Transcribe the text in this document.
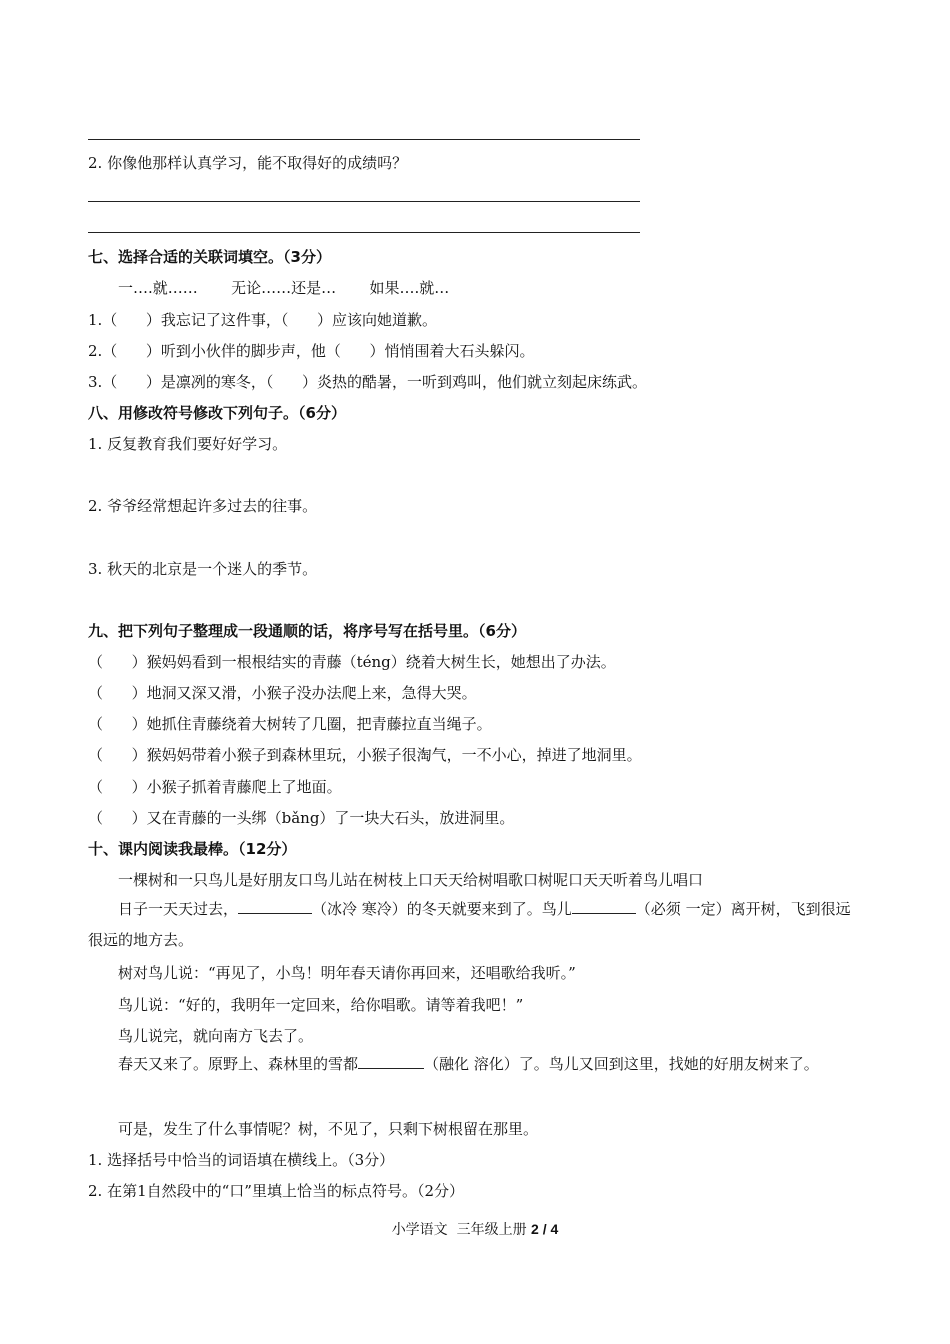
2. 你像他那样认真学习，能不取得好的成绩吗？
七、选择合适的关联词填空。（3分）
一….就……       无论……还是…       如果….就…
1.（      ）我忘记了这件事，（      ）应该向她道歉。
2.（      ）听到小伙伴的脚步声，他（      ）悄悄围着大石头躲闪。
3.（      ）是凛冽的寒冬，（      ）炎热的酷暑，一听到鸡叫，他们就立刻起床练武。
八、用修改符号修改下列句子。（6分）
1. 反复教育我们要好好学习。
2. 爷爷经常想起许多过去的往事。
3. 秋天的北京是一个迷人的季节。
九、把下列句子整理成一段通顺的话，将序号写在括号里。（6分）
（      ）猴妈妈看到一根根结实的青藤（téng）绕着大树生长，她想出了办法。
（      ）地洞又深又滑，小猴子没办法爬上来，急得大哭。
（      ）她抓住青藤绕着大树转了几圈，把青藤拉直当绳子。
（      ）猴妈妈带着小猴子到森林里玩，小猴子很淘气，一不小心，掉进了地洞里。
（      ）小猴子抓着青藤爬上了地面。
（      ）又在青藤的一头绑（bǎng）了一块大石头，放进洞里。
十、课内阅读我最棒。（12分）
一棵树和一只鸟儿是好朋友口鸟儿站在树枝上口天天给树唱歌口树呢口天天听着鸟儿唱口
日子一天天过去，	（冰冷 寒冷）的冬天就要来到了。鸟儿	（必须 一定）离开树，飞到很远很远的地方去。
树对鸟儿说：“再见了，小鸟！明年春天请你再回来，还唱歌给我听。”
鸟儿说：“好的，我明年一定回来，给你唱歌。请等着我吧！”
鸟儿说完，就向南方飞去了。
春天又来了。原野上、森林里的雪都	（融化 溶化）了。鸟儿又回到这里，找她的好朋友树来了。
可是，发生了什么事情呢？树，不见了，只剩下树根留在那里。
1. 选择括号中恰当的词语填在横线上。（3分）
2. 在第1自然段中的“口”里填上恰当的标点符号。（2分）
小学语文  三年级上册 2 / 4
